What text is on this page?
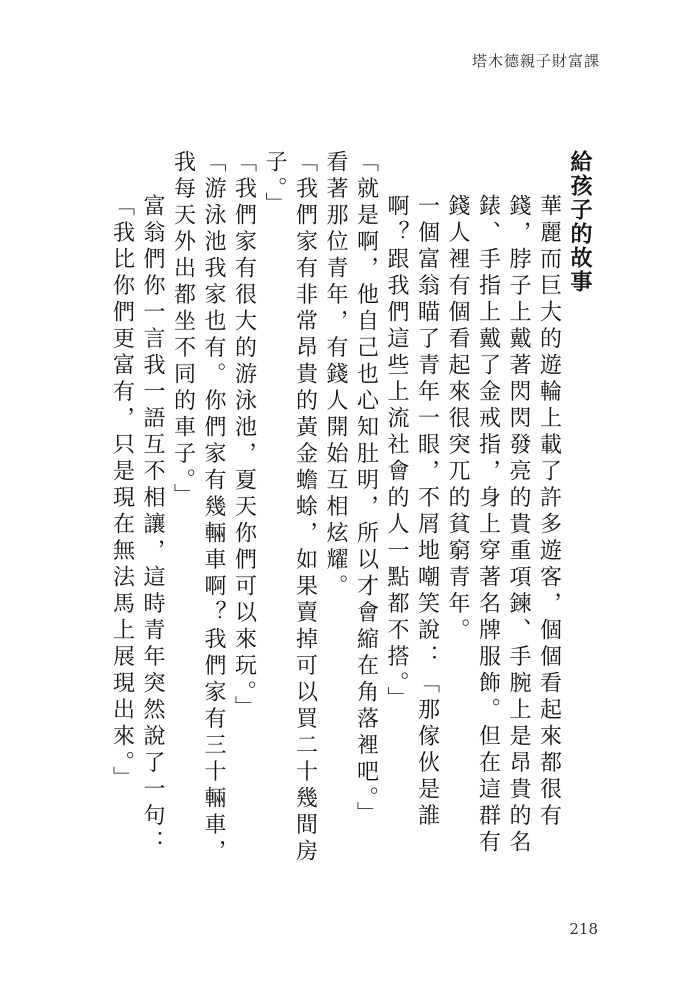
塔木德親子財富課
給孩子的故事
華麗而巨大的遊輪上載了許多遊客，個個看起來都很有錢，脖子上戴著閃閃發亮的貴重項鍊、手腕上是昂貴的名錶、手指上戴了金戒指，身上穿著名牌服飾。但在這群有錢人裡有個看起來很突兀的貧窮青年。
一個富翁瞄了青年一眼，不屑地嘲笑說：「那傢伙是誰啊？跟我們這些上流社會的人一點都不搭。」
「就是啊，他自己也心知肚明，所以才會縮在角落裡吧。」
看著那位青年，有錢人開始互相炫耀。
「我們家有非常昂貴的黃金蟾蜍，如果賣掉可以買二十幾間房子。」
「我們家有很大的游泳池，夏天你們可以來玩。」
「游泳池我家也有。你們家有幾輛車啊？我們家有三十輛車，我每天外出都坐不同的車子。」
富翁們你一言我一語互不相讓，這時青年突然說了一句：「我比你們更富有，只是現在無法馬上展現出來。」
218
